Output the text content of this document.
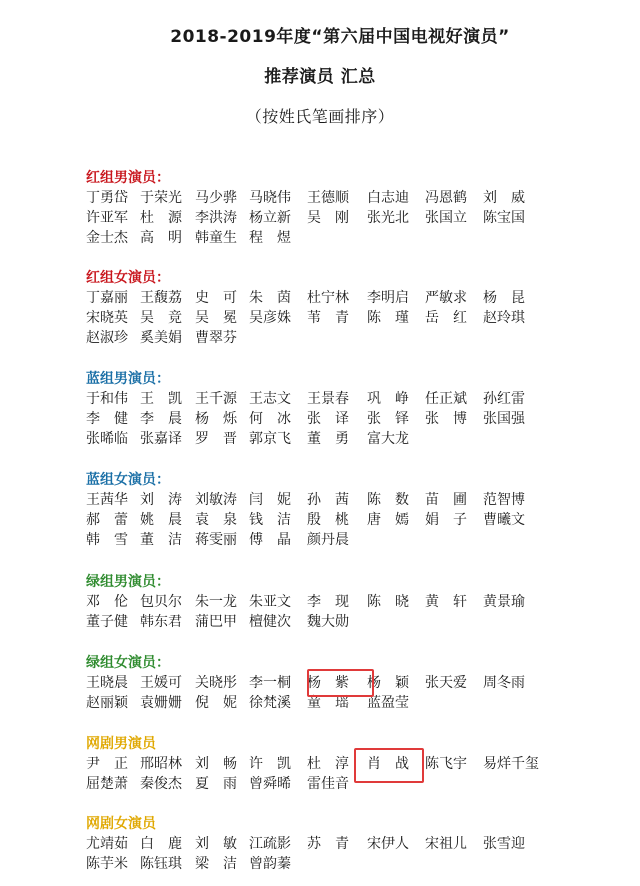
2018-2019年度“第六届中国电视好演员”
推荐演员 汇总
（按姓氏笔画排序）
红组男演员：
丁勇岱 于荣光 马少骅 马晓伟 王德顺 白志迪 冯恩鹤 刘　威
许亚军 杜　源 李洪涛 杨立新 吴　刚 张光北 张国立 陈宝国
金士杰 高　明 韩童生 程　煜
红组女演员：
丁嘉丽 王馥荔 史　可 朱　茵 杜宁林 李明启 严敏求 杨　昆
宋晓英 吴　竞 吴　冕 吴彦姝 苇　青 陈　瑾 岳　红 赵玲琪
赵淑珍 奚美娟 曹翠芬
蓝组男演员：
于和伟 王　凯 王千源 王志文 王景春 巩　峥 任正斌 孙红雷
李　健 李　晨 杨　烁 何　冰 张　译 张　铎 张　博 张国强
张晞临 张嘉译 罗　晋 郭京飞 董　勇 富大龙
蓝组女演员：
王茜华 刘　涛 刘敏涛 闫　妮 孙　茜 陈　数 苗　圃 范智博
郝　蕾 姚　晨 袁　泉 钱　洁 殷　桃 唐　嫣 娟　子 曹曦文
韩　雪 董　洁 蒋雯丽 傅　晶 颜丹晨
绿组男演员：
邓　伦 包贝尔 朱一龙 朱亚文 李　现 陈　晓 黄　轩 黄景瑜
董子健 韩东君 蒲巴甲 檀健次 魏大勋
绿组女演员：
王晓晨 王媛可 关晓彤 李一桐 杨　紫 杨　颖 张天爱 周冬雨
赵丽颖 袁姗姗 倪　妮 徐梵溪 童　瑶 蓝盈莹
网剧男演员
尹　正 邢昭林 刘　畅 许　凯 杜　淳 肖　战 陈飞宇 易烊千玺
屈楚萧 秦俊杰 夏　雨 曾舜晞 雷佳音
网剧女演员
尤靖茹 白　鹿 刘　敏 江疏影 苏　青 宋伊人 宋祖儿 张雪迎
陈芋米 陈钰琪 梁　洁 曾韵蓁
